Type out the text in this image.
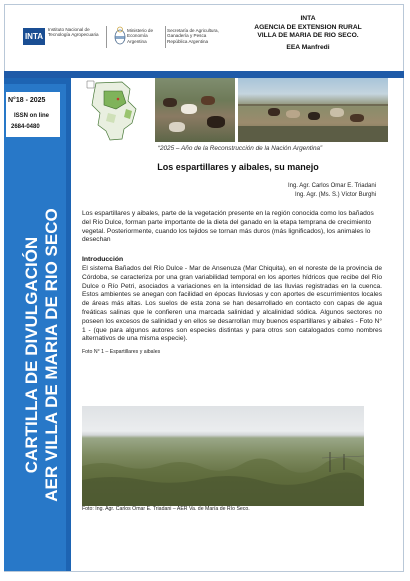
INTA
Instituto Nacional de Tecnología Agropecuaria
Ministerio de Economía
Argentina
Secretaría de Agricultura, Ganadería y Pesca
República Argentina
INTA
AGENCIA DE EXTENSION RURAL
VILLA DE MARIA DE RIO SECO.
EEA Manfredi
N°18 - 2025
ISSN on line
2684-0480
CARTILLA DE DIVULGACIÓN AER VILLA DE MARIA DE RIO SECO
“2025 – Año de la Reconstrucción de la Nación Argentina”
Los espartillares y aibales, su manejo
Ing. Agr. Carlos Omar E. Triadani
Ing. Agr. (Ms. S.) Víctor Burghi
Los espartillares y aibales, parte de la vegetación presente en la región conocida como los bañados del Río Dulce, forman parte importante de la dieta del ganado en la etapa temprana de crecimiento vegetal. Posteriormente, cuando los tejidos se tornan más duros (más lignificados), los animales lo desechan
Introducción
El sistema Bañados del Río Dulce - Mar de Ansenuza (Mar Chiquita), en el noreste de la provincia de Córdoba, se caracteriza por una gran variabilidad temporal en los aportes hídricos que recibe del Río Dulce o Río Petri, asociados a variaciones en la intensidad de las lluvias registradas en la cuenca. Estos ambientes se anegan con facilidad en épocas lluviosas y con aportes de escurrimientos locales de áreas más altas. Los suelos de esta zona se han desarrollado en contacto con capas de agua freáticas salinas que le confieren una marcada salinidad y alcalinidad sódica. Algunos sectores no poseen los excesos de salinidad y en ellos se desarrollan muy buenos espartillares y aibales - Foto N° 1 - (que para algunos autores son especies distintas y para otros son catalogados como nombres alternativos de una misma especie).
Foto N° 1 – Espartillares y aibales
Foto: Ing. Agr. Carlos Omar E. Triadani – AER Va. de María de Río Seco.
